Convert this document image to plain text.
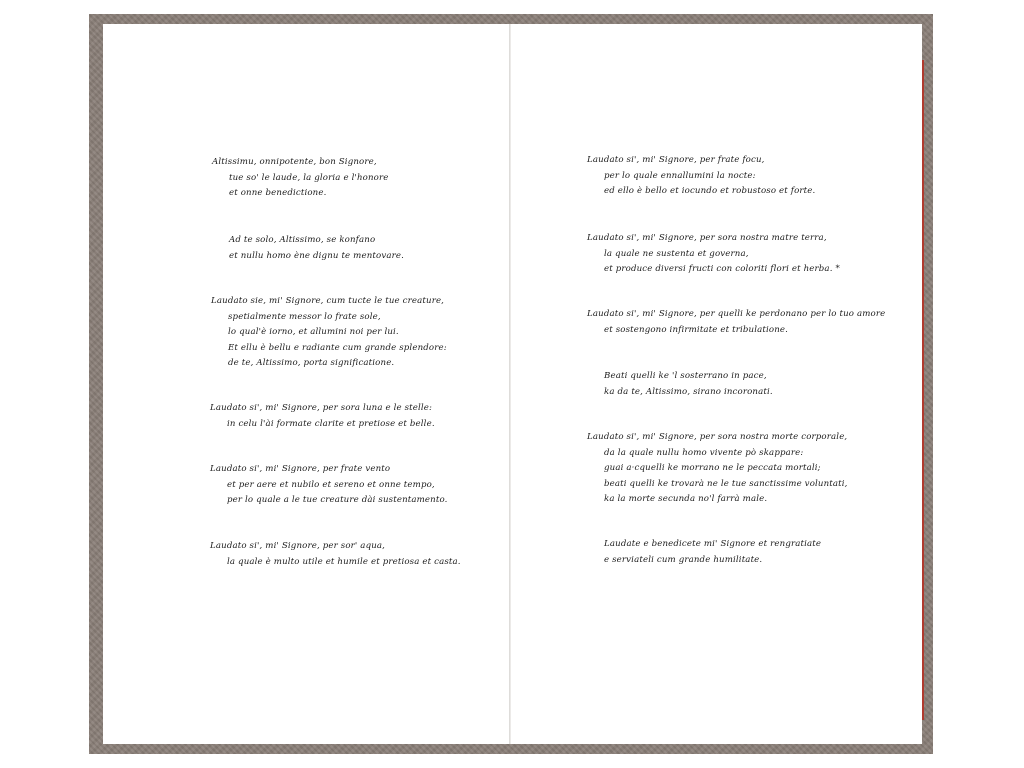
Altissimu, onnipotente, bon Signore,
tue so' le laude, la gloria e l'honore
et onne benedictione.
Ad te solo, Altissimo, se konfano
et nullu homo ène dignu te mentovare.
Laudato sie, mi' Signore, cum tucte le tue creature,
spetialmente messor lo frate sole,
lo qual'è iorno, et allumini noi per lui.
Et ellu è bellu e radiante cum grande splendore:
de te, Altissimo, porta significatione.
Laudato si', mi' Signore, per sora luna e le stelle:
in celu l'ài formate clarite et pretiose et belle.
Laudato si', mi' Signore, per frate vento
et per aere et nubilo et sereno et onne tempo,
per lo quale a le tue creature dài sustentamento.
Laudato si', mi' Signore, per sor' aqua,
la quale è multo utile et humile et pretiosa et casta.
Laudato si', mi' Signore, per frate focu,
per lo quale ennallumini la nocte:
ed ello è bello et iocundo et robustoso et forte.
Laudato si', mi' Signore, per sora nostra matre terra,
la quale ne sustenta et governa,
et produce diversi fructi con coloriti flori et herba. *
Laudato si', mi' Signore, per quelli ke perdonano per lo tuo amore
et sostengono infirmitate et tribulatione.
Beati quelli ke 'l sosterrano in pace,
ka da te, Altissimo, sirano incoronati.
Laudato si', mi' Signore, per sora nostra morte corporale,
da la quale nullu homo vivente pò skappare:
guai a·cquelli ke morrano ne le peccata mortali;
beati quelli ke trovarà ne le tue sanctissime voluntati,
ka la morte secunda no'l farrà male.
Laudate e benedicete mi' Signore et rengratiate
e serviateli cum grande humilitate.
